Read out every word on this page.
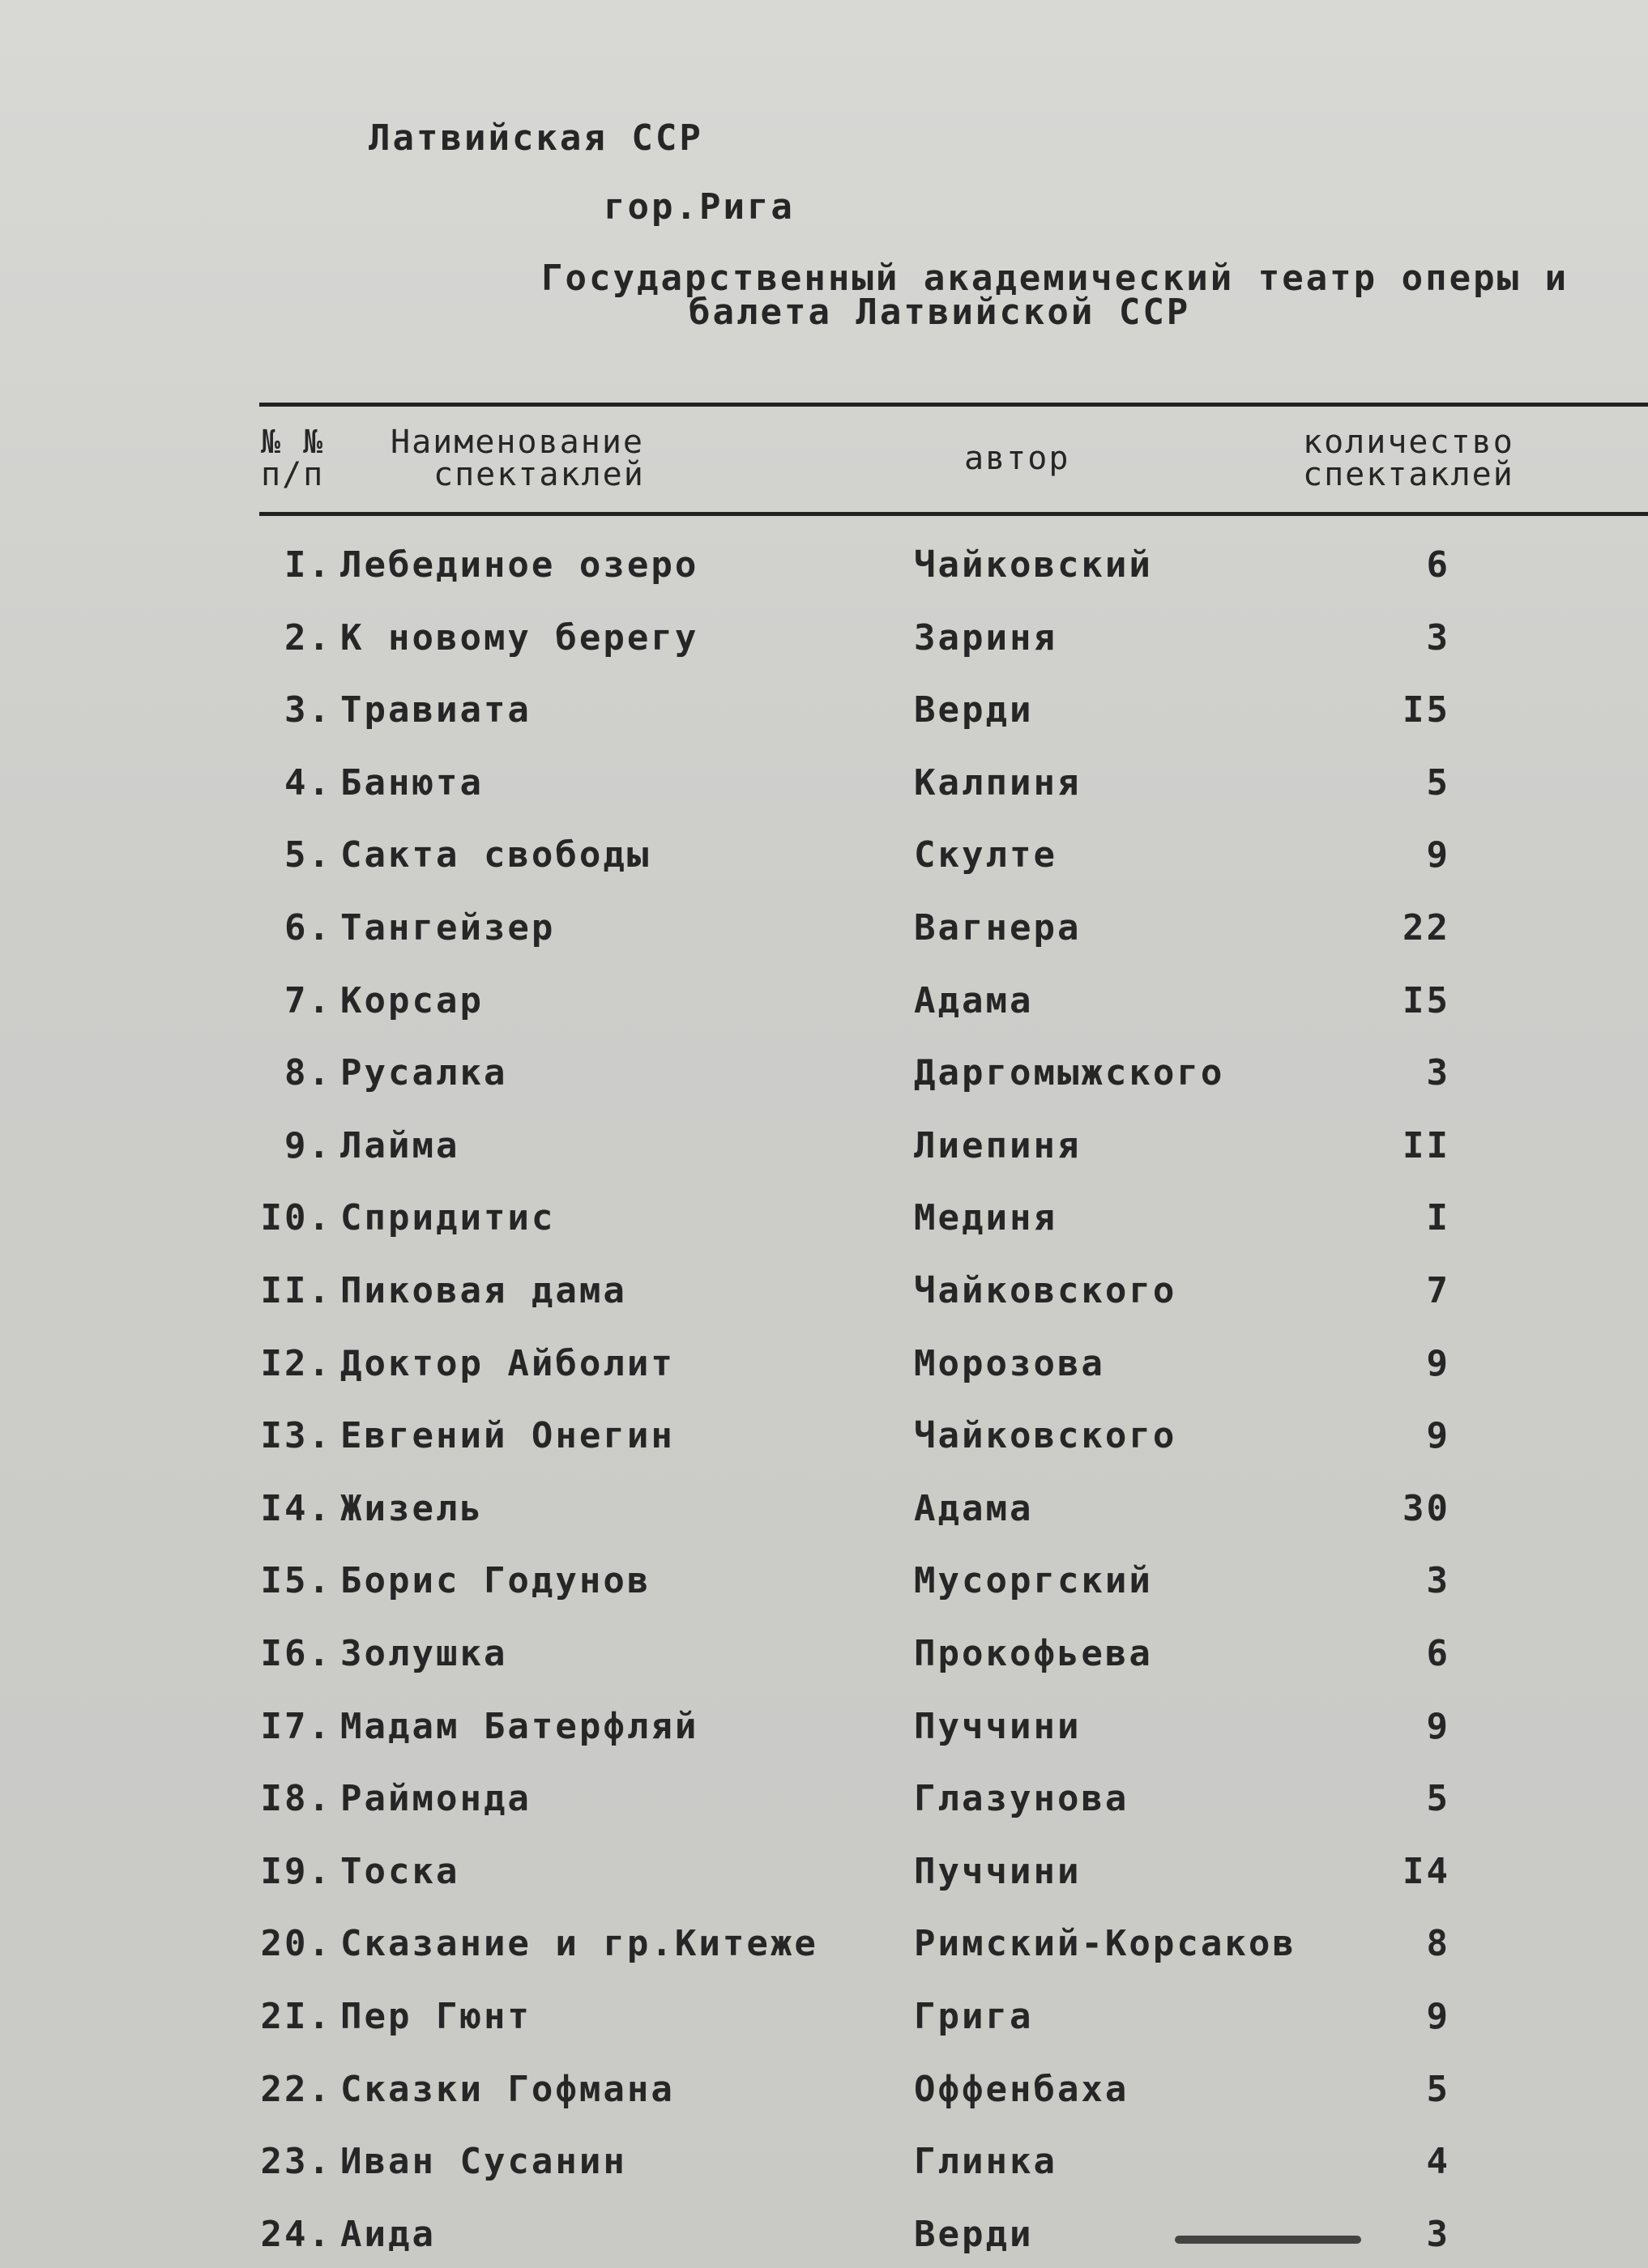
Латвийская ССР
гор.Рига
Государственный академический театр оперы и
балета Латвийской ССР
№ №
п/п
Наименование
спектаклей	автор	количество
спектаклей
I. Лебединое озеро	Чайковский	6
2. К новому берегу	Зариня	3
3. Травиата	Верди	I5
4. Банюта	Калпиня	5
5. Сакта свободы	Скулте	9
6. Тангейзер	Вагнера	22
7. Корсар	Адама	I5
8. Русалка	Даргомыжского	3
9. Лайма	Лиепиня	II
I0. Спридитис	Мединя	I
II. Пиковая дама	Чайковского	7
I2. Доктор Айболит	Морозова	9
I3. Евгений Онегин	Чайковского	9
I4. Жизель	Адама	30
I5. Борис Годунов	Мусоргский	3
I6. Золушка	Прокофьева	6
I7. Мадам Батерфляй	Пуччини	9
I8. Раймонда	Глазунова	5
I9. Тоска	Пуччини	I4
20. Сказание и гр.Китеже	Римский-Корсаков	8
2I. Пер Гюнт	Грига	9
22. Сказки Гофмана	Оффенбаха	5
23. Иван Сусанин	Глинка	4
24. Аида	Верди	3
